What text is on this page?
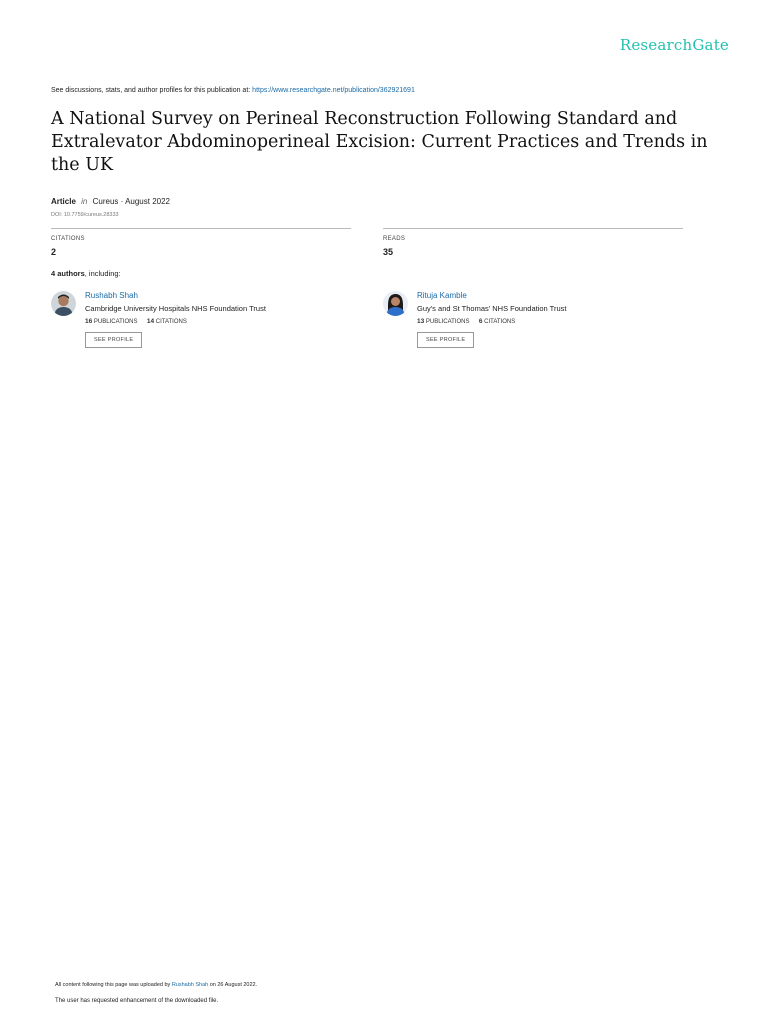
ResearchGate
See discussions, stats, and author profiles for this publication at: https://www.researchgate.net/publication/362921691
A National Survey on Perineal Reconstruction Following Standard and Extralevator Abdominoperineal Excision: Current Practices and Trends in the UK
Article in Cureus · August 2022
DOI: 10.7759/cureus.28333
CITATIONS
2
READS
35
4 authors, including:
Rushabh Shah
Cambridge University Hospitals NHS Foundation Trust
16 PUBLICATIONS 14 CITATIONS
SEE PROFILE
Rituja Kamble
Guy's and St Thomas' NHS Foundation Trust
13 PUBLICATIONS 6 CITATIONS
SEE PROFILE
All content following this page was uploaded by Rushabh Shah on 26 August 2022.
The user has requested enhancement of the downloaded file.
